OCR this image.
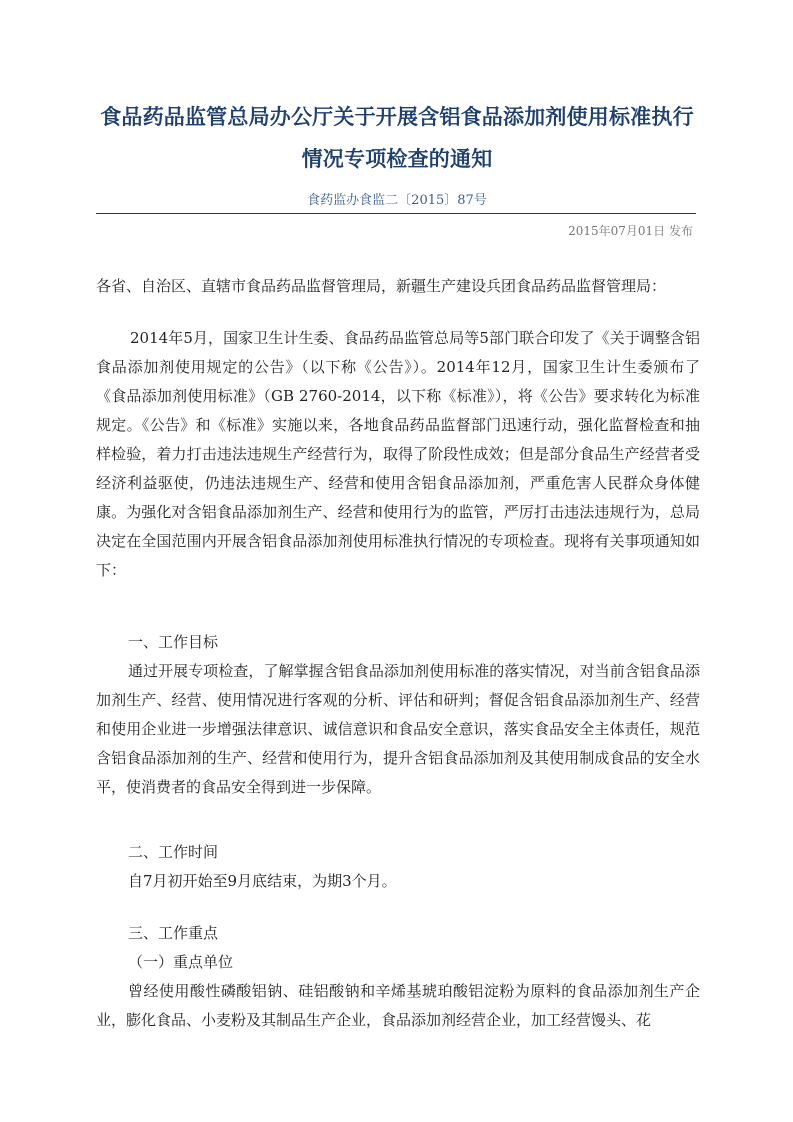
食品药品监管总局办公厅关于开展含铝食品添加剂使用标准执行情况专项检查的通知
食药监办食监二〔2015〕87号
2015年07月01日 发布
各省、自治区、直辖市食品药品监督管理局，新疆生产建设兵团食品药品监督管理局：
2014年5月，国家卫生计生委、食品药品监管总局等5部门联合印发了《关于调整含铝食品添加剂使用规定的公告》（以下称《公告》）。2014年12月，国家卫生计生委颁布了《食品添加剂使用标准》（GB 2760-2014，以下称《标准》），将《公告》要求转化为标准规定。《公告》和《标准》实施以来，各地食品药品监督部门迅速行动，强化监督检查和抽样检验，着力打击违法违规生产经营行为，取得了阶段性成效；但是部分食品生产经营者受经济利益驱使，仍违法违规生产、经营和使用含铝食品添加剂，严重危害人民群众身体健康。为强化对含铝食品添加剂生产、经营和使用行为的监管，严厉打击违法违规行为，总局决定在全国范围内开展含铝食品添加剂使用标准执行情况的专项检查。现将有关事项通知如下：
一、工作目标
通过开展专项检查，了解掌握含铝食品添加剂使用标准的落实情况，对当前含铝食品添加剂生产、经营、使用情况进行客观的分析、评估和研判；督促含铝食品添加剂生产、经营和使用企业进一步增强法律意识、诚信意识和食品安全意识，落实食品安全主体责任，规范含铝食品添加剂的生产、经营和使用行为，提升含铝食品添加剂及其使用制成食品的安全水平，使消费者的食品安全得到进一步保障。
二、工作时间
自7月初开始至9月底结束，为期3个月。
三、工作重点
（一）重点单位
曾经使用酸性磷酸铝钠、硅铝酸钠和辛烯基琥珀酸铝淀粉为原料的食品添加剂生产企业，膨化食品、小麦粉及其制品生产企业，食品添加剂经营企业，加工经营馒头、花
